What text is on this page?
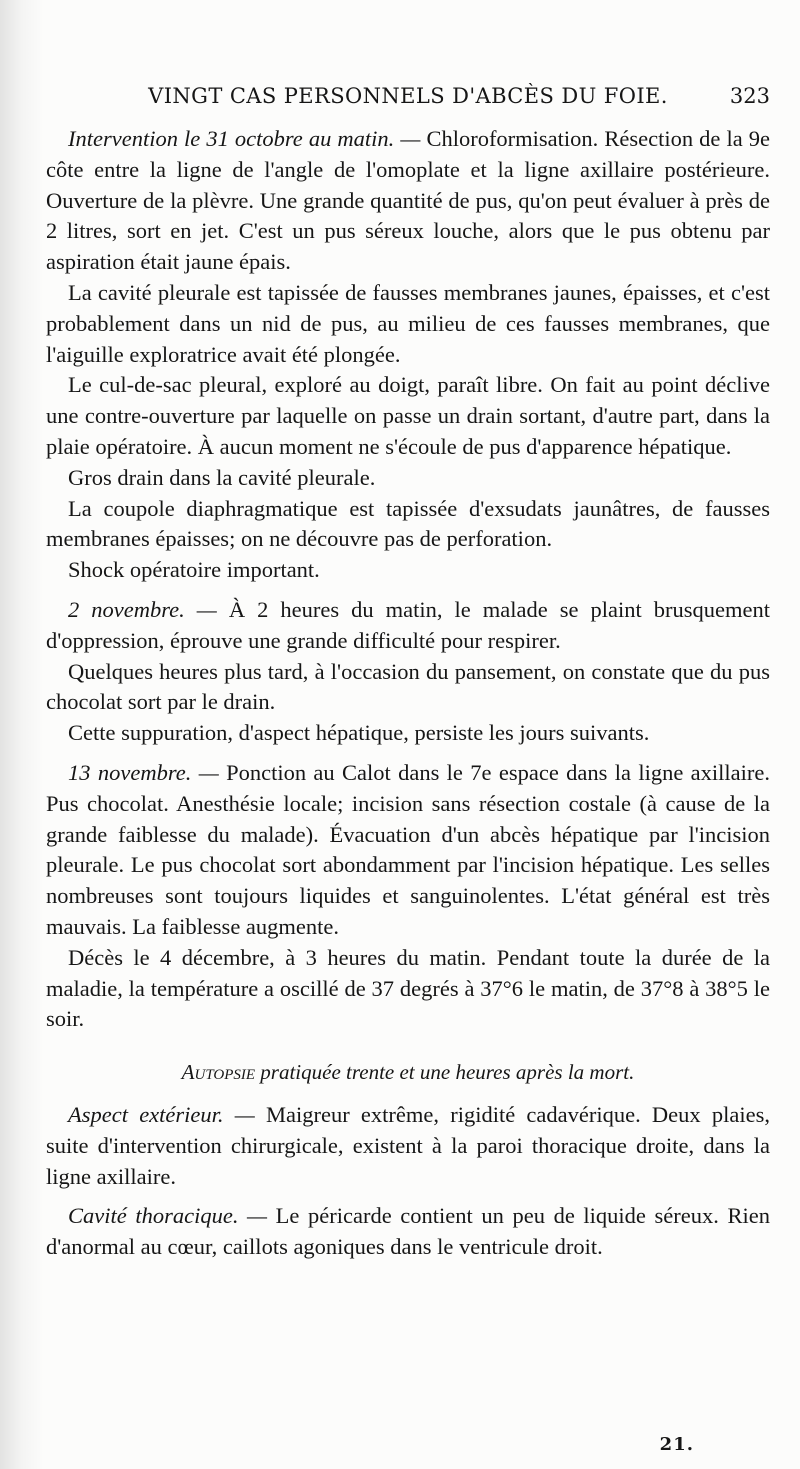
VINGT CAS PERSONNELS D'ABCÈS DU FOIE.	323

Intervention le 31 octobre au matin. — Chloroformisation. Résection de la 9e côte entre la ligne de l'angle de l'omoplate et la ligne axillaire postérieure. Ouverture de la plèvre. Une grande quantité de pus, qu'on peut évaluer à près de 2 litres, sort en jet. C'est un pus séreux louche, alors que le pus obtenu par aspiration était jaune épais.

La cavité pleurale est tapissée de fausses membranes jaunes, épaisses, et c'est probablement dans un nid de pus, au milieu de ces fausses membranes, que l'aiguille exploratrice avait été plongée.

Le cul-de-sac pleural, exploré au doigt, paraît libre. On fait au point déclive une contre-ouverture par laquelle on passe un drain sortant, d'autre part, dans la plaie opératoire. À aucun moment ne s'écoule de pus d'apparence hépatique.

Gros drain dans la cavité pleurale.

La coupole diaphragmatique est tapissée d'exsudats jaunâtres, de fausses membranes épaisses; on ne découvre pas de perforation.

Shock opératoire important.

2 novembre. — À 2 heures du matin, le malade se plaint brusquement d'oppression, éprouve une grande difficulté pour respirer.

Quelques heures plus tard, à l'occasion du pansement, on constate que du pus chocolat sort par le drain.

Cette suppuration, d'aspect hépatique, persiste les jours suivants.

13 novembre. — Ponction au Calot dans le 7e espace dans la ligne axillaire. Pus chocolat. Anesthésie locale; incision sans résection costale (à cause de la grande faiblesse du malade). Évacuation d'un abcès hépatique par l'incision pleurale. Le pus chocolat sort abondamment par l'incision hépatique. Les selles nombreuses sont toujours liquides et sanguinolentes. L'état général est très mauvais. La faiblesse augmente.

Décès le 4 décembre, à 3 heures du matin. Pendant toute la durée de la maladie, la température a oscillé de 37 degrés à 37°6 le matin, de 37°8 à 38°5 le soir.

Autopsie pratiquée trente et une heures après la mort.

Aspect extérieur. — Maigreur extrême, rigidité cadavérique. Deux plaies, suite d'intervention chirurgicale, existent à la paroi thoracique droite, dans la ligne axillaire.

Cavité thoracique. — Le péricarde contient un peu de liquide séreux. Rien d'anormal au cœur, caillots agoniques dans le ventricule droit.

21.
